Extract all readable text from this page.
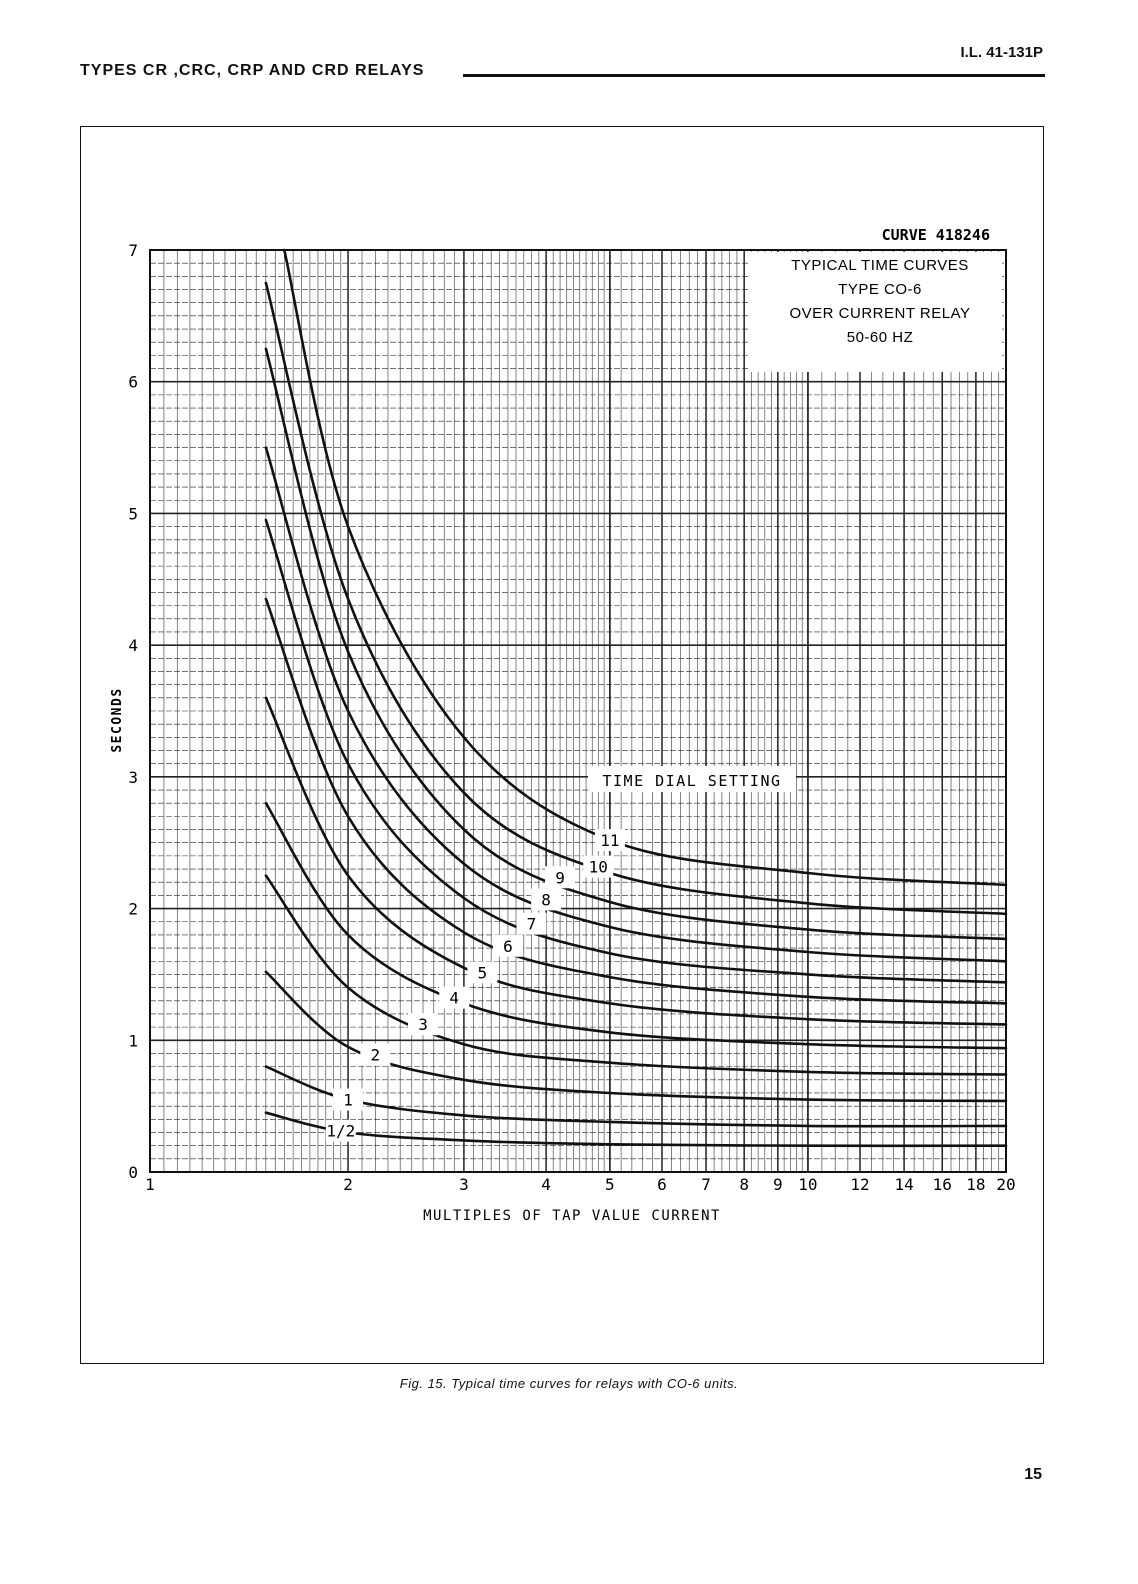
TYPES CR ,CRC, CRP AND CRD RELAYS
I.L. 41-131P
CURVE 418246
TYPICAL TIME CURVES
TYPE CO-6
OVER CURRENT RELAY
50-60 HZ
1/2
1
2
3
4
5
6
7
8
9
10
11
TIME DIAL SETTING
1	2	3	4	5	6 7 8 9 10 12 14 16 18 20
0
1
2
3
4
5
6
7
MULTIPLES OF TAP VALUE CURRENT
SECONDS
Fig. 15. Typical time curves for relays with CO-6 units.
15
